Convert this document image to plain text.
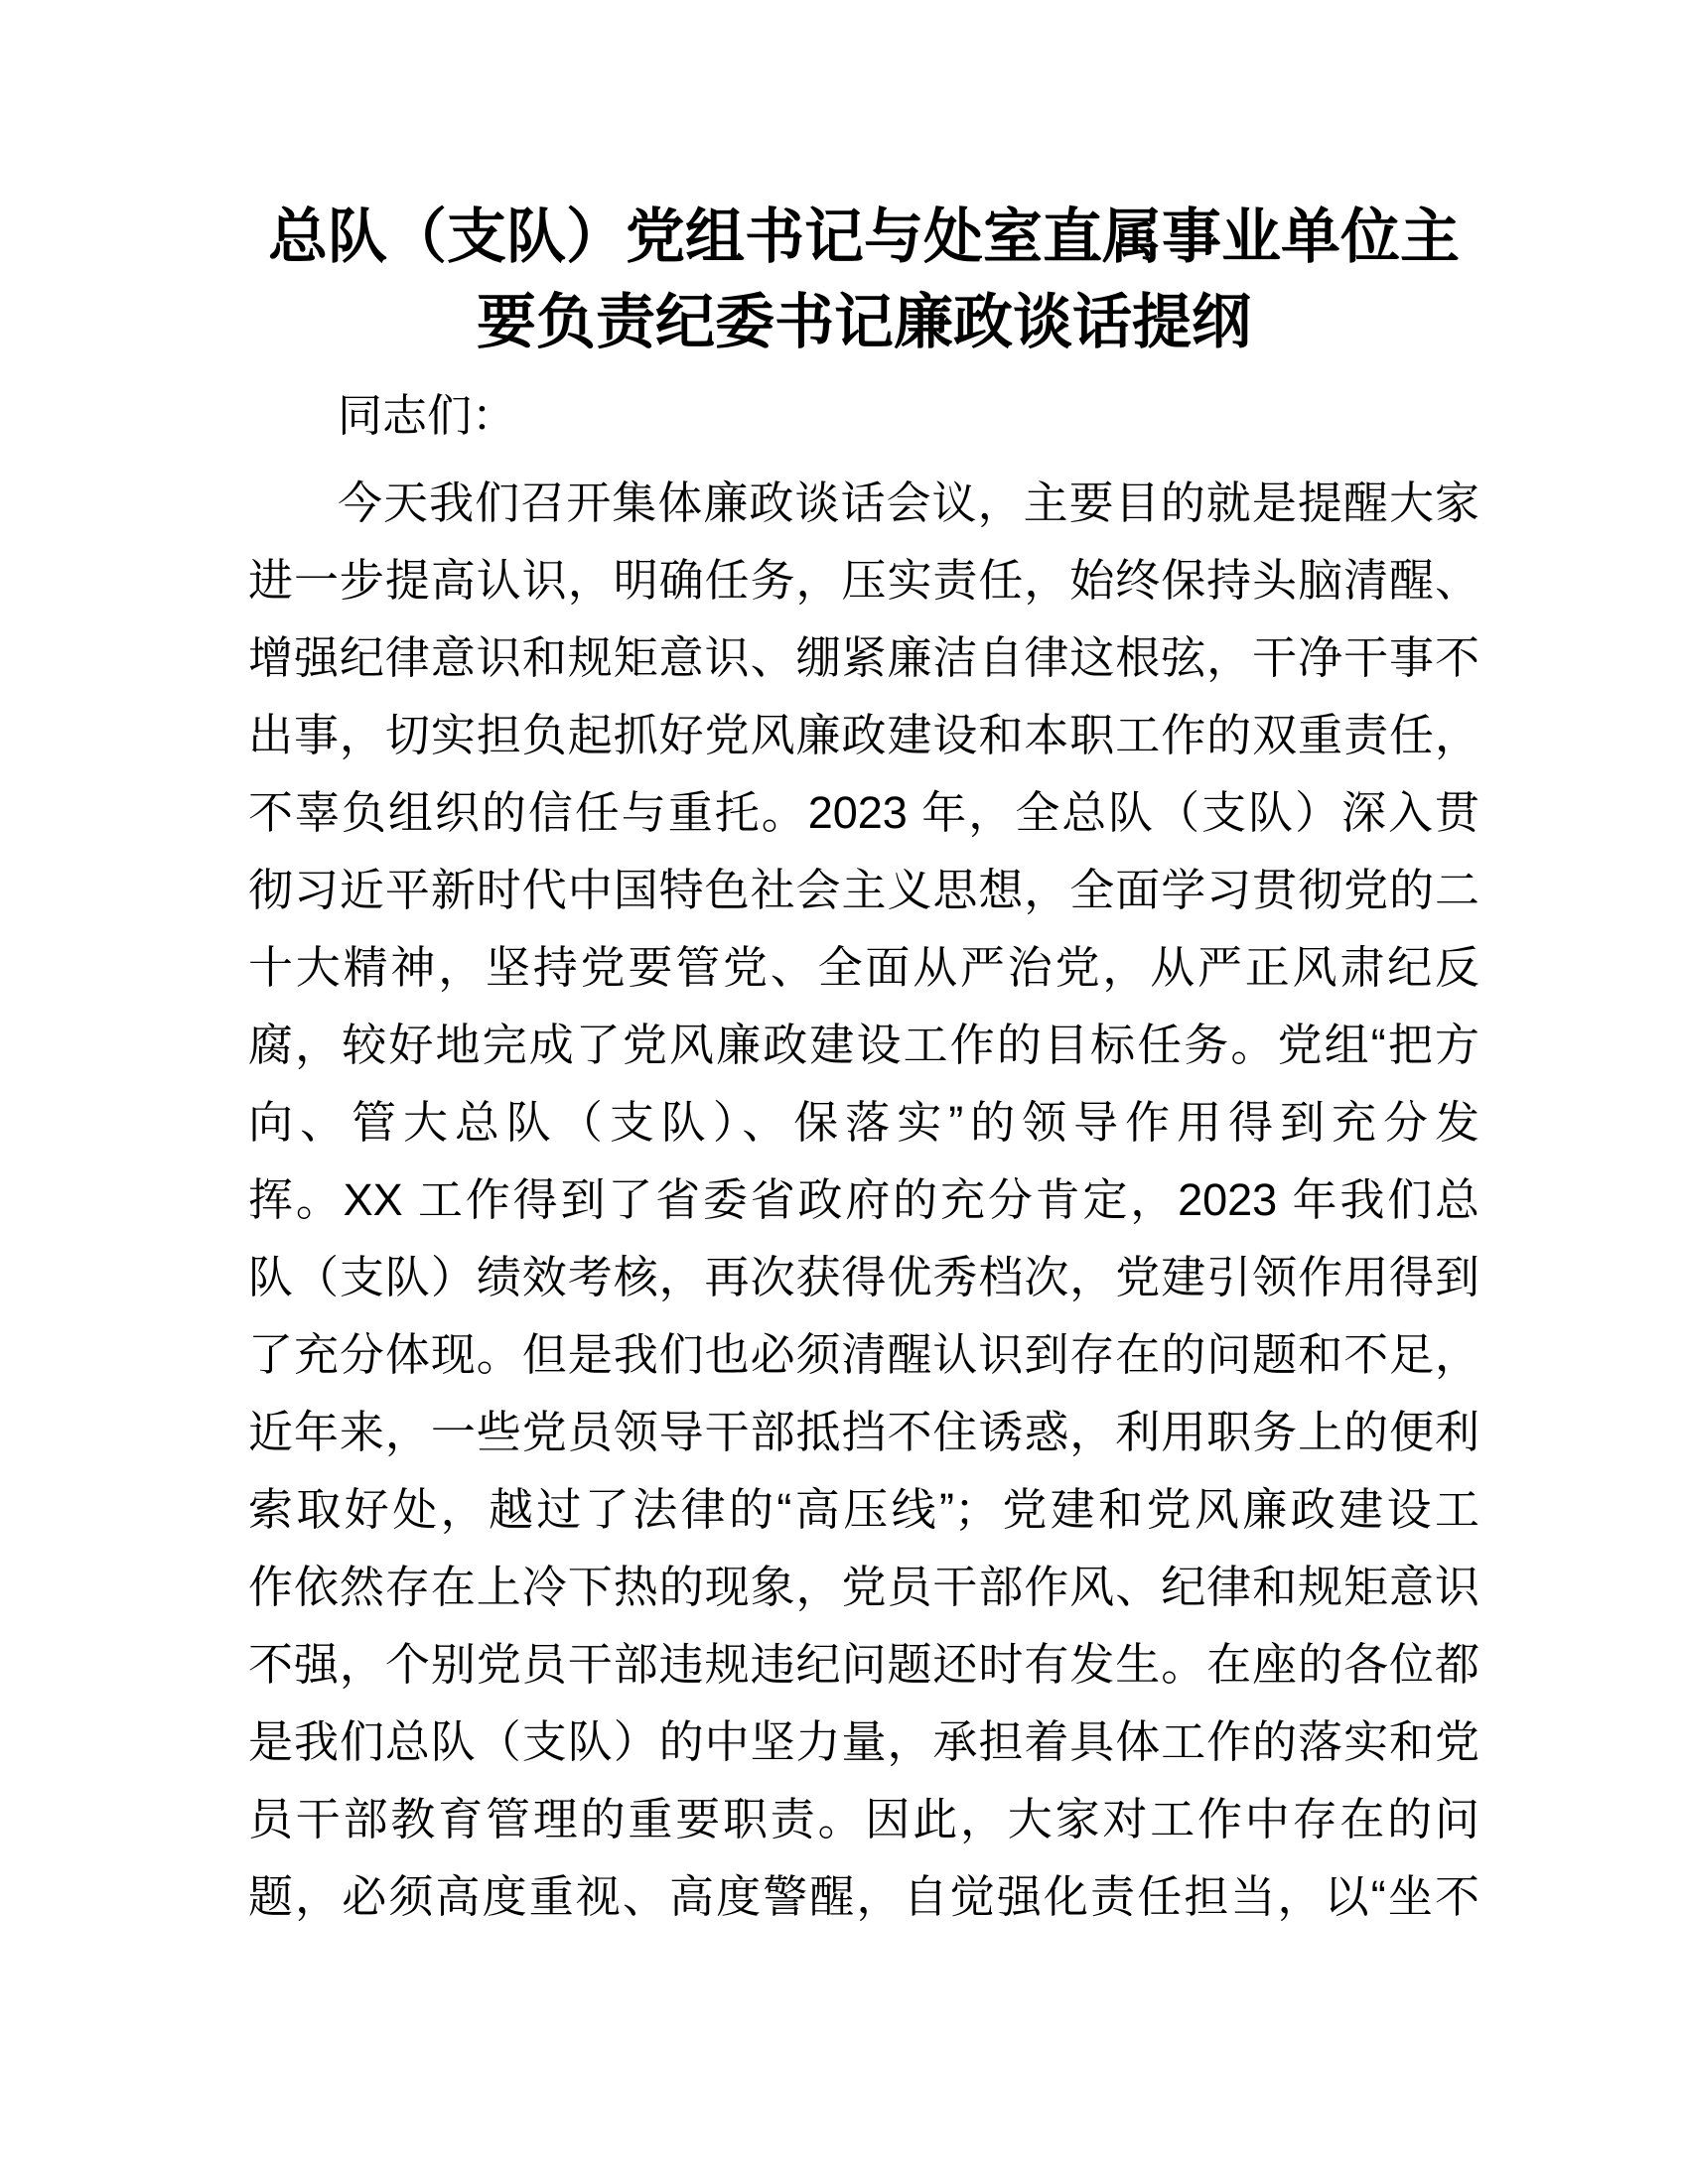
总队（支队）党组书记与处室直属事业单位主
要负责纪委书记廉政谈话提纲
同志们：
今天我们召开集体廉政谈话会议，主要目的就是提醒大家
进一步提高认识，明确任务，压实责任，始终保持头脑清醒、
增强纪律意识和规矩意识、绷紧廉洁自律这根弦，干净干事不
出事，切实担负起抓好党风廉政建设和本职工作的双重责任，
不辜负组织的信任与重托。2023 年，全总队（支队）深入贯
彻习近平新时代中国特色社会主义思想，全面学习贯彻党的二
十大精神，坚持党要管党、全面从严治党，从严正风肃纪反
腐，较好地完成了党风廉政建设工作的目标任务。党组“把方
向、管大总队（支队）、保落实”的领导作用得到充分发
挥。XX 工作得到了省委省政府的充分肯定，2023 年我们总
队（支队）绩效考核，再次获得优秀档次，党建引领作用得到
了充分体现。但是我们也必须清醒认识到存在的问题和不足，
近年来，一些党员领导干部抵挡不住诱惑，利用职务上的便利
索取好处，越过了法律的“高压线”；党建和党风廉政建设工
作依然存在上冷下热的现象，党员干部作风、纪律和规矩意识
不强，个别党员干部违规违纪问题还时有发生。在座的各位都
是我们总队（支队）的中坚力量，承担着具体工作的落实和党
员干部教育管理的重要职责。因此，大家对工作中存在的问
题，必须高度重视、高度警醒，自觉强化责任担当，以“坐不
